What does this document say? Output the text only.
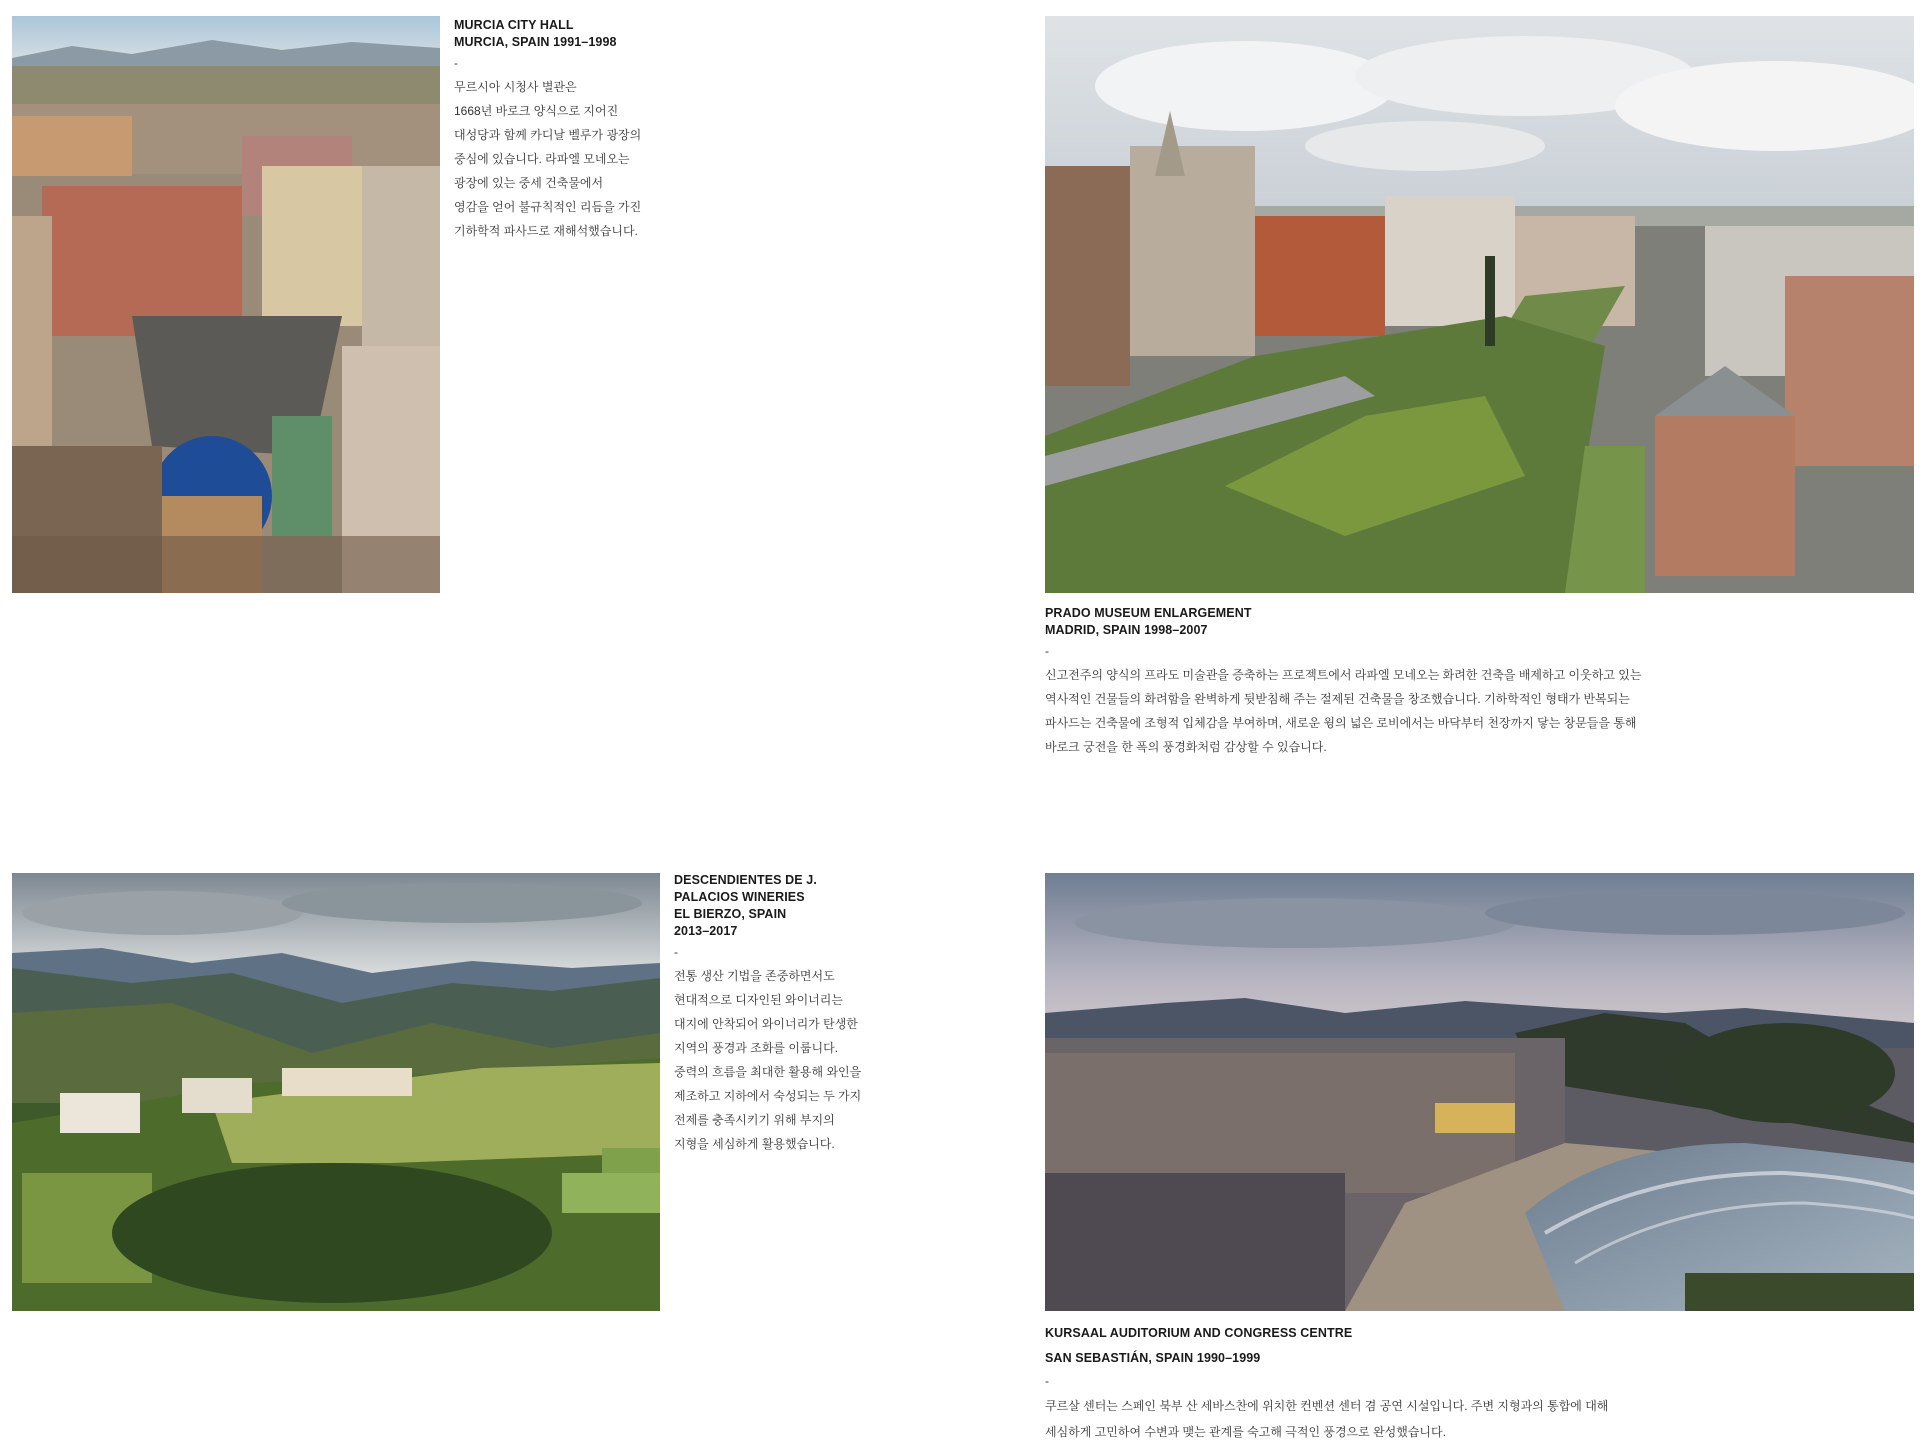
MURCIA CITY HALL

MURCIA, SPAIN 1991–1998

-

무르시아 시청사 별관은
1668년 바로크 양식으로 지어진
대성당과 함께 카디날 벨루가 광장의
중심에 있습니다. 라파엘 모네오는
광장에 있는 중세 건축물에서
영감을 얻어 불규칙적인 리듬을 가진
기하학적 파사드로 재해석했습니다.

PRADO MUSEUM ENLARGEMENT

MADRID, SPAIN 1998–2007

-

신고전주의 양식의 프라도 미술관을 증축하는 프로젝트에서 라파엘 모네오는 화려한 건축을 배제하고 이웃하고 있는
역사적인 건물들의 화려함을 완벽하게 뒷받침해 주는 절제된 건축물을 창조했습니다. 기하학적인 형태가 반복되는
파사드는 건축물에 조형적 입체감을 부여하며, 새로운 윙의 넓은 로비에서는 바닥부터 천장까지 닿는 창문들을 통해
바로크 궁전을 한 폭의 풍경화처럼 감상할 수 있습니다.

DESCENDIENTES DE J.

PALACIOS WINERIES

EL BIERZO, SPAIN

2013–2017

-

전통 생산 기법을 존중하면서도
현대적으로 디자인된 와이너리는
대지에 안착되어 와이너리가 탄생한
지역의 풍경과 조화를 이룹니다.
중력의 흐름을 최대한 활용해 와인을
제조하고 지하에서 숙성되는 두 가지
전제를 충족시키기 위해 부지의
지형을 세심하게 활용했습니다.

KURSAAL AUDITORIUM AND CONGRESS CENTRE

SAN SEBASTIÁN, SPAIN 1990–1999

-

쿠르살 센터는 스페인 북부 산 세바스찬에 위치한 컨벤션 센터 겸 공연 시설입니다. 주변 지형과의 통합에 대해
세심하게 고민하여 수변과 맺는 관계를 숙고해 극적인 풍경으로 완성했습니다.
